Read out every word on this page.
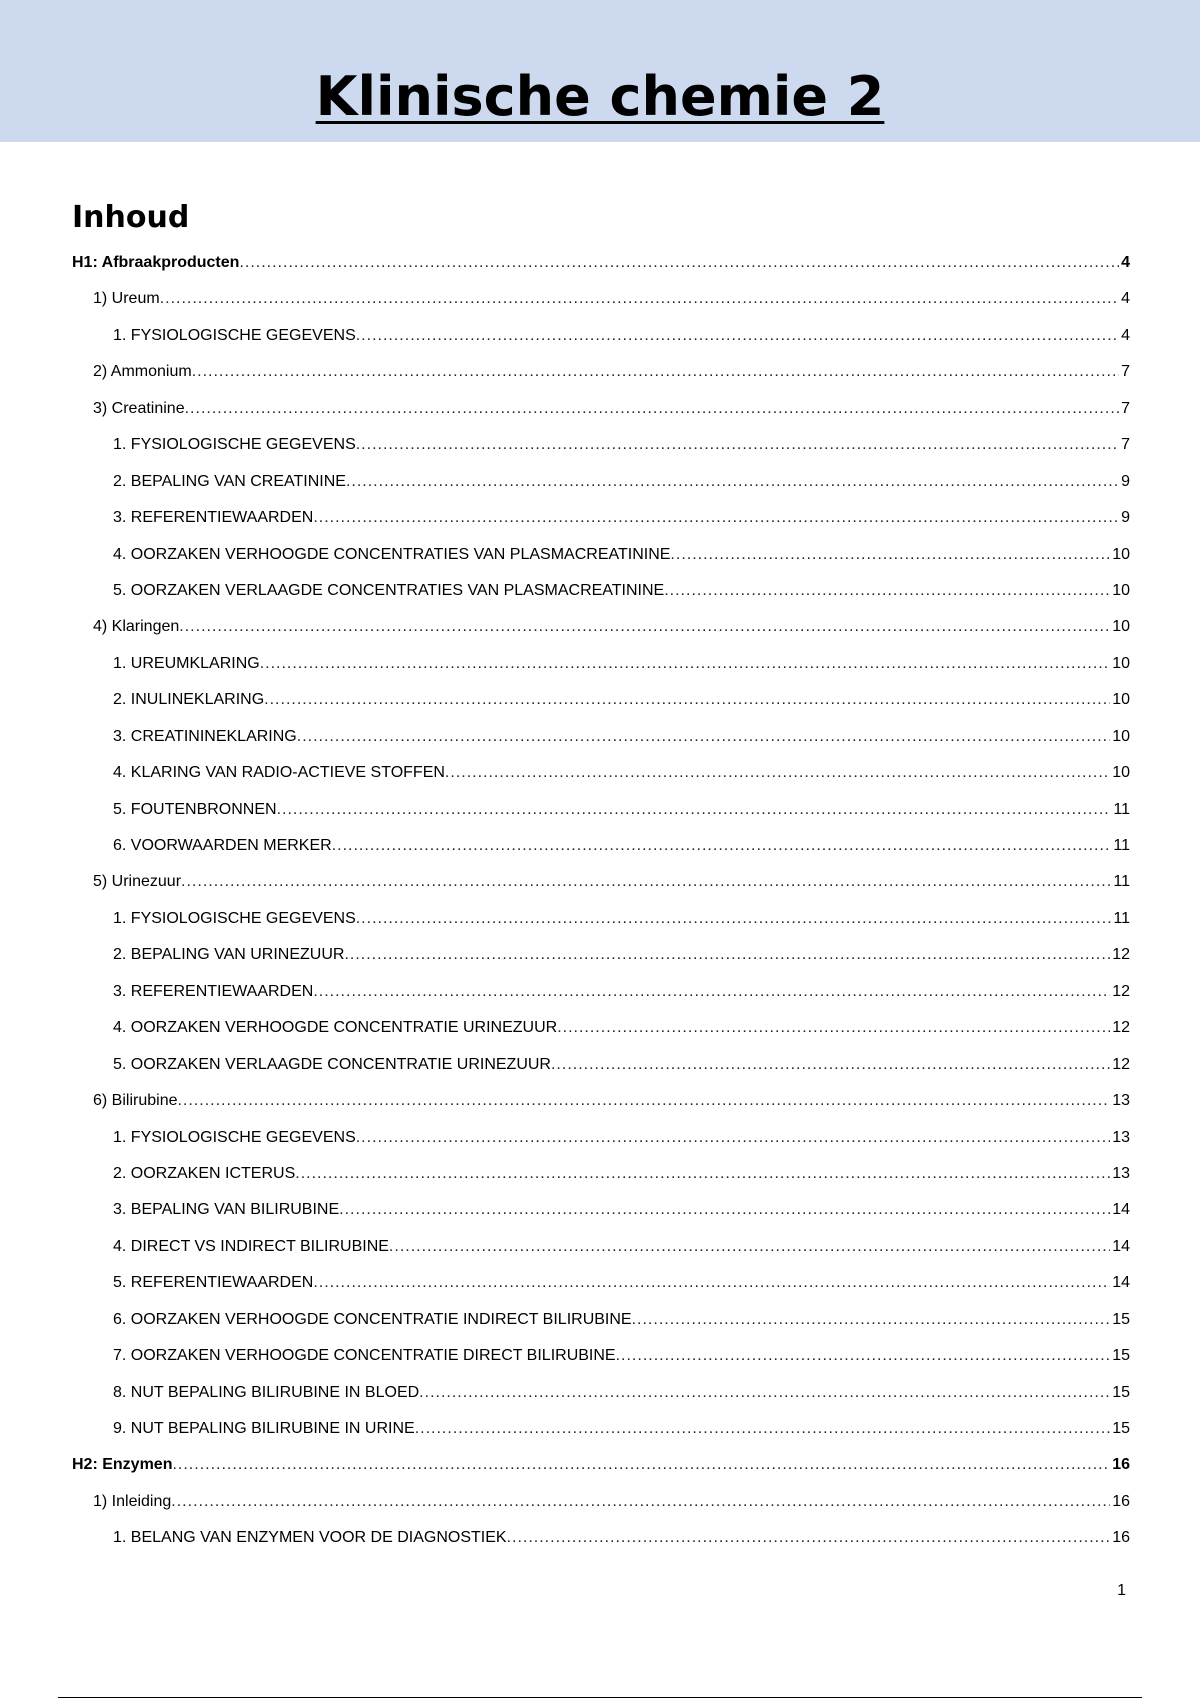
Klinische chemie 2
Inhoud
H1: Afbraakproducten .....	4
1) Ureum .....	4
1. FYSIOLOGISCHE GEGEVENS .....	4
2) Ammonium .....	7
3) Creatinine .....	7
1. FYSIOLOGISCHE GEGEVENS .....	7
2. BEPALING VAN CREATININE .....	9
3. REFERENTIEWAARDEN .....	9
4. OORZAKEN VERHOOGDE CONCENTRATIES VAN PLASMACREATININE .....	10
5. OORZAKEN VERLAAGDE CONCENTRATIES VAN PLASMACREATININE .....	10
4) Klaringen .....	10
1. UREUMKLARING .....	10
2. INULINEKLARING .....	10
3. CREATININEKLARING .....	10
4. KLARING VAN RADIO-ACTIEVE STOFFEN .....	10
5. FOUTENBRONNEN .....	11
6. VOORWAARDEN MERKER .....	11
5) Urinezuur .....	11
1. FYSIOLOGISCHE GEGEVENS .....	11
2. BEPALING VAN URINEZUUR .....	12
3. REFERENTIEWAARDEN .....	12
4. OORZAKEN VERHOOGDE CONCENTRATIE URINEZUUR .....	12
5. OORZAKEN VERLAAGDE CONCENTRATIE URINEZUUR .....	12
6) Bilirubine .....	13
1. FYSIOLOGISCHE GEGEVENS .....	13
2. OORZAKEN ICTERUS .....	13
3. BEPALING VAN BILIRUBINE .....	14
4. DIRECT VS INDIRECT BILIRUBINE .....	14
5. REFERENTIEWAARDEN .....	14
6. OORZAKEN VERHOOGDE CONCENTRATIE INDIRECT BILIRUBINE .....	15
7. OORZAKEN VERHOOGDE CONCENTRATIE DIRECT BILIRUBINE .....	15
8. NUT BEPALING BILIRUBINE IN BLOED .....	15
9. NUT BEPALING BILIRUBINE IN URINE .....	15
H2: Enzymen .....	16
1) Inleiding .....	16
1. BELANG VAN ENZYMEN VOOR DE DIAGNOSTIEK .....	16
1
